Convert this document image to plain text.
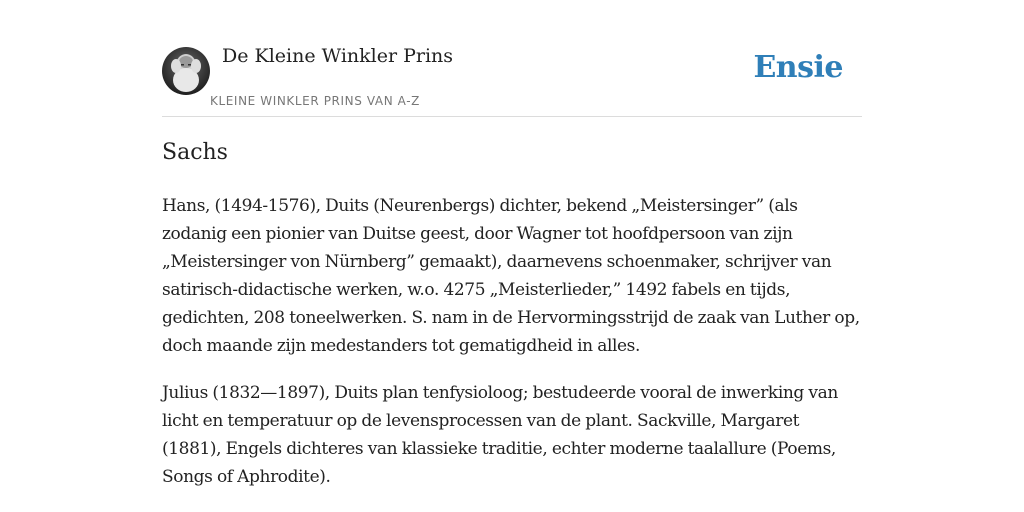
De Kleine Winkler Prins
KLEINE WINKLER PRINS VAN A-Z
Ensie
Sachs

Hans, (1494-1576), Duits (Neurenbergs) dichter, bekend „Meistersinger” (als zodanig een pionier van Duitse geest, door Wagner tot hoofdpersoon van zijn „Meistersinger von Nürnberg” gemaakt), daarnevens schoenmaker, schrijver van satirisch-didactische werken, w.o. 4275 „Meisterlieder,” 1492 fabels en tijds, gedichten, 208 toneelwerken. S. nam in de Hervormingsstrijd de zaak van Luther op, doch maande zijn medestanders tot gematigdheid in alles.

Julius (1832—1897), Duits plan tenfysioloog; bestudeerde vooral de inwerking van licht en temperatuur op de levensprocessen van de plant. Sackville, Margaret (1881), Engels dichteres van klassieke traditie, echter moderne taalallure (Poems, Songs of Aphrodite).
